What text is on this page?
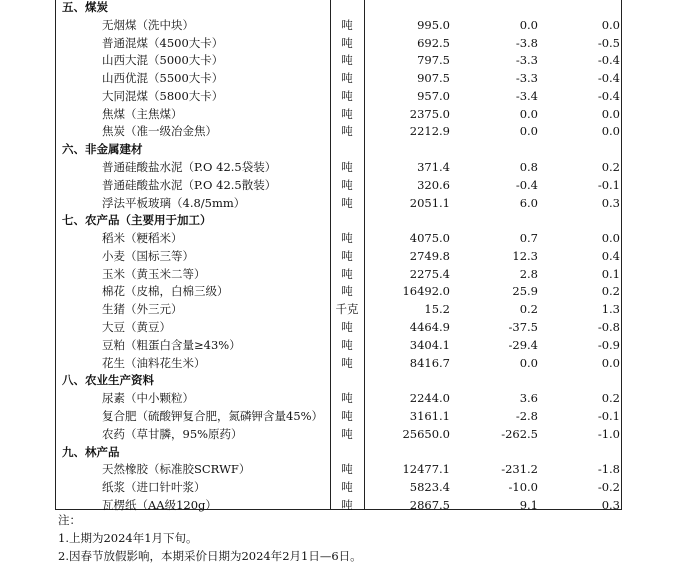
五、煤炭
无烟煤（洗中块）	吨	995.0	0.0	0.0
普通混煤（4500大卡）	吨	692.5	-3.8	-0.5
山西大混（5000大卡）	吨	797.5	-3.3	-0.4
山西优混（5500大卡）	吨	907.5	-3.3	-0.4
大同混煤（5800大卡）	吨	957.0	-3.4	-0.4
焦煤（主焦煤）	吨	2375.0	0.0	0.0
焦炭（准一级冶金焦）	吨	2212.9	0.0	0.0
六、非金属建材
普通硅酸盐水泥（P.O 42.5袋装）	吨	371.4	0.8	0.2
普通硅酸盐水泥（P.O 42.5散装）	吨	320.6	-0.4	-0.1
浮法平板玻璃（4.8/5mm）	吨	2051.1	6.0	0.3
七、农产品（主要用于加工）
稻米（粳稻米）	吨	4075.0	0.7	0.0
小麦（国标三等）	吨	2749.8	12.3	0.4
玉米（黄玉米二等）	吨	2275.4	2.8	0.1
棉花（皮棉，白棉三级）	吨	16492.0	25.9	0.2
生猪（外三元）	千克	15.2	0.2	1.3
大豆（黄豆）	吨	4464.9	-37.5	-0.8
豆粕（粗蛋白含量≥43%）	吨	3404.1	-29.4	-0.9
花生（油料花生米）	吨	8416.7	0.0	0.0
八、农业生产资料
尿素（中小颗粒）	吨	2244.0	3.6	0.2
复合肥（硫酸钾复合肥，氮磷钾含量45%）	吨	3161.1	-2.8	-0.1
农药（草甘膦，95%原药）	吨	25650.0	-262.5	-1.0
九、林产品
天然橡胶（标准胶SCRWF）	吨	12477.1	-231.2	-1.8
纸浆（进口针叶浆）	吨	5823.4	-10.0	-0.2
瓦楞纸（AA级120g）	吨	2867.5	9.1	0.3
注：
1.上期为2024年1月下旬。
2.因春节放假影响，本期采价日期为2024年2月1日—6日。
